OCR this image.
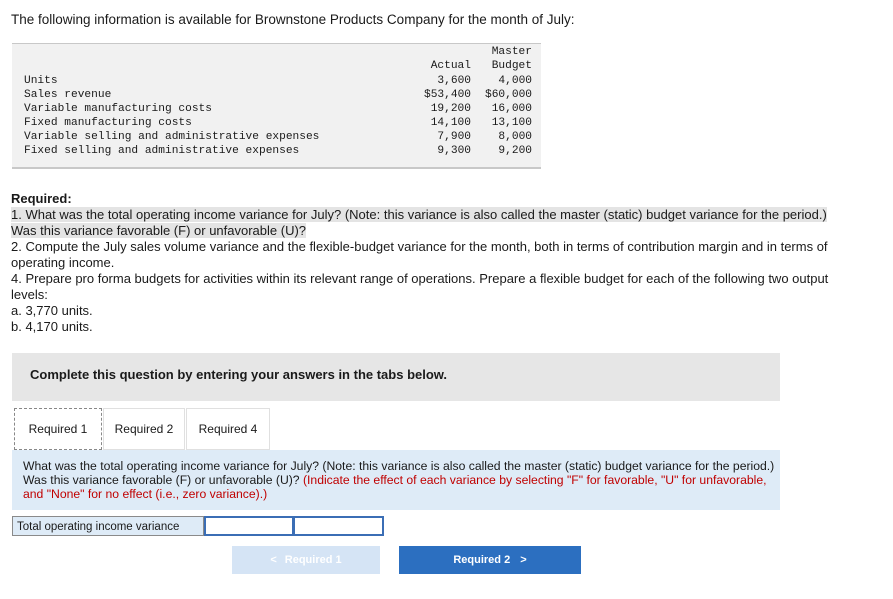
The following information is available for Brownstone Products Company for the month of July:
Master
Actual Budget
Units	3,600 4,000
Sales revenue	$53,400 $60,000
Variable manufacturing costs	19,200 16,000
Fixed manufacturing costs	14,100 13,100
Variable selling and administrative expenses	7,900 8,000
Fixed selling and administrative expenses	9,300 9,200

Required:

1. What was the total operating income variance for July? (Note: this variance is also called the master (static) budget variance for the period.) Was this variance favorable (F) or unfavorable (U)?

2. Compute the July sales volume variance and the flexible-budget variance for the month, both in terms of contribution margin and in terms of operating income.

4. Prepare pro forma budgets for activities within its relevant range of operations. Prepare a flexible budget for each of the following two output levels:

a. 3,770 units.

b. 4,170 units.

Complete this question by entering your answers in the tabs below.
Required 1	Required 2	Required 4

What was the total operating income variance for July? (Note: this variance is also called the master (static) budget variance for the period.) Was this variance favorable (F) or unfavorable (U)? (Indicate the effect of each variance by selecting "F" for favorable, "U" for unfavorable, and "None" for no effect (i.e., zero variance).)

Total operating income variance
< Required 1	Required 2 >
